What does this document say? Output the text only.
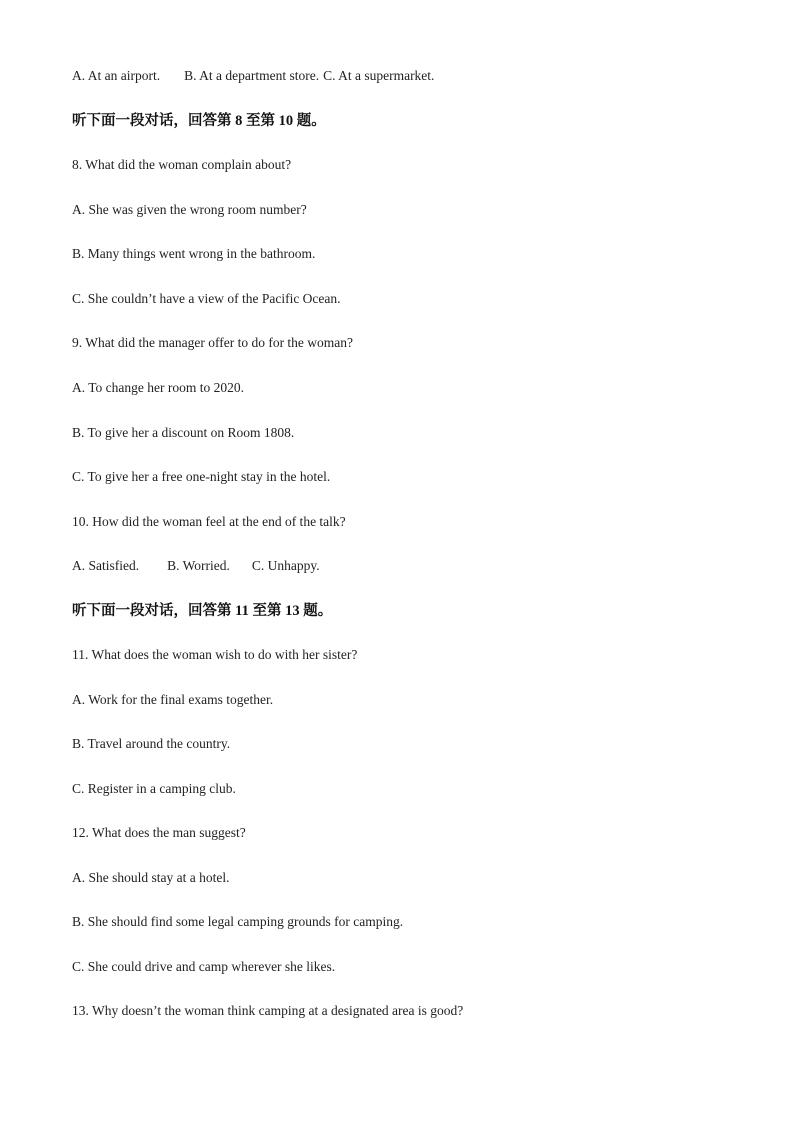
A. At an airport. B. At a department store. C. At a supermarket.
听下面一段对话，回答第 8 至第 10 题。
8. What did the woman complain about?
A. She was given the wrong room number?
B. Many things went wrong in the bathroom.
C. She couldn’t have a view of the Pacific Ocean.
9. What did the manager offer to do for the woman?
A. To change her room to 2020.
B. To give her a discount on Room 1808.
C. To give her a free one-night stay in the hotel.
10. How did the woman feel at the end of the talk?
A. Satisfied. B. Worried. C. Unhappy.
听下面一段对话，回答第 11 至第 13 题。
11. What does the woman wish to do with her sister?
A. Work for the final exams together.
B. Travel around the country.
C. Register in a camping club.
12. What does the man suggest?
A. She should stay at a hotel.
B. She should find some legal camping grounds for camping.
C. She could drive and camp wherever she likes.
13. Why doesn’t the woman think camping at a designated area is good?
